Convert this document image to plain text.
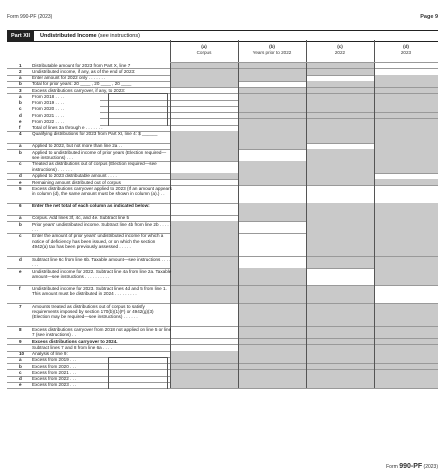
Form 990-PF (2023)	Page 9
Part XII	Undistributed Income (see instructions)
(a)
Corpus
(b)
Years prior to 2022
(c)
2022
(d)
2023
1	Distributable amount for 2023 from Part X, line 7
2	Undistributed income, if any, as of the end of 2023:
a	Enter amount for 2022 only . . . . . . .
b	Total for prior years: 20 ____ , 20 ____ , 20 ____
3	Excess distributions carryover, if any, to 2023:
a	From 2018 . . . .
b	From 2019 . . . .
c	From 2020 . . . .
d	From 2021 . . . .
e	From 2022 . . . .
f	Total of lines 3a through e . . . . . . .
4	Qualifying distributions for 2023 from Part XI, line 4: $ ______
a	Applied to 2022, but not more than line 2a . .
b	Applied to undistributed income of prior years (Election required—see instructions) . . .
c	Treated as distributions out of corpus (Election required—see instructions) . . . . . .
d	Applied to 2023 distributable amount . . . .
e	Remaining amount distributed out of corpus
5	Excess distributions carryover applied to 2023 (If an amount appears in column (d), the same amount must be shown in column (a).) . .
6	Enter the net total of each column as indicated below:
a	Corpus. Add lines 3f, 4c, and 4e. Subtract line 5
b	Prior years' undistributed income. Subtract line 4b from line 2b . . . . . . . .
c	Enter the amount of prior years' undistributed income for which a notice of deficiency has been issued, or on which the section 4942(a) tax has been previously assessed . . . . .
d	Subtract line 6c from line 6b. Taxable amount—see instructions . . . . . . .
e	Undistributed income for 2022. Subtract line 4a from line 2a. Taxable amount—see instructions . . . . . . . . . .
f	Undistributed income for 2023. Subtract lines 4d and 5 from line 1. This amount must be distributed in 2024 . . . . . . . . .
7	Amounts treated as distributions out of corpus to satisfy requirements imposed by section 170(b)(1)(F) or 4942(g)(3) (Election may be required—see instructions) . . . . . .
8	Excess distributions carryover from 2018 not applied on line 5 or line 7 (see instructions) . .
9	Excess distributions carryover to 2024.
Subtract lines 7 and 8 from line 6a . . . .
10	Analysis of line 9:
a	Excess from 2019 . . .
b	Excess from 2020 . . .
c	Excess from 2021 . . .
d	Excess from 2022 . . .
e	Excess from 2023 . . .
Form 990-PF (2023)
